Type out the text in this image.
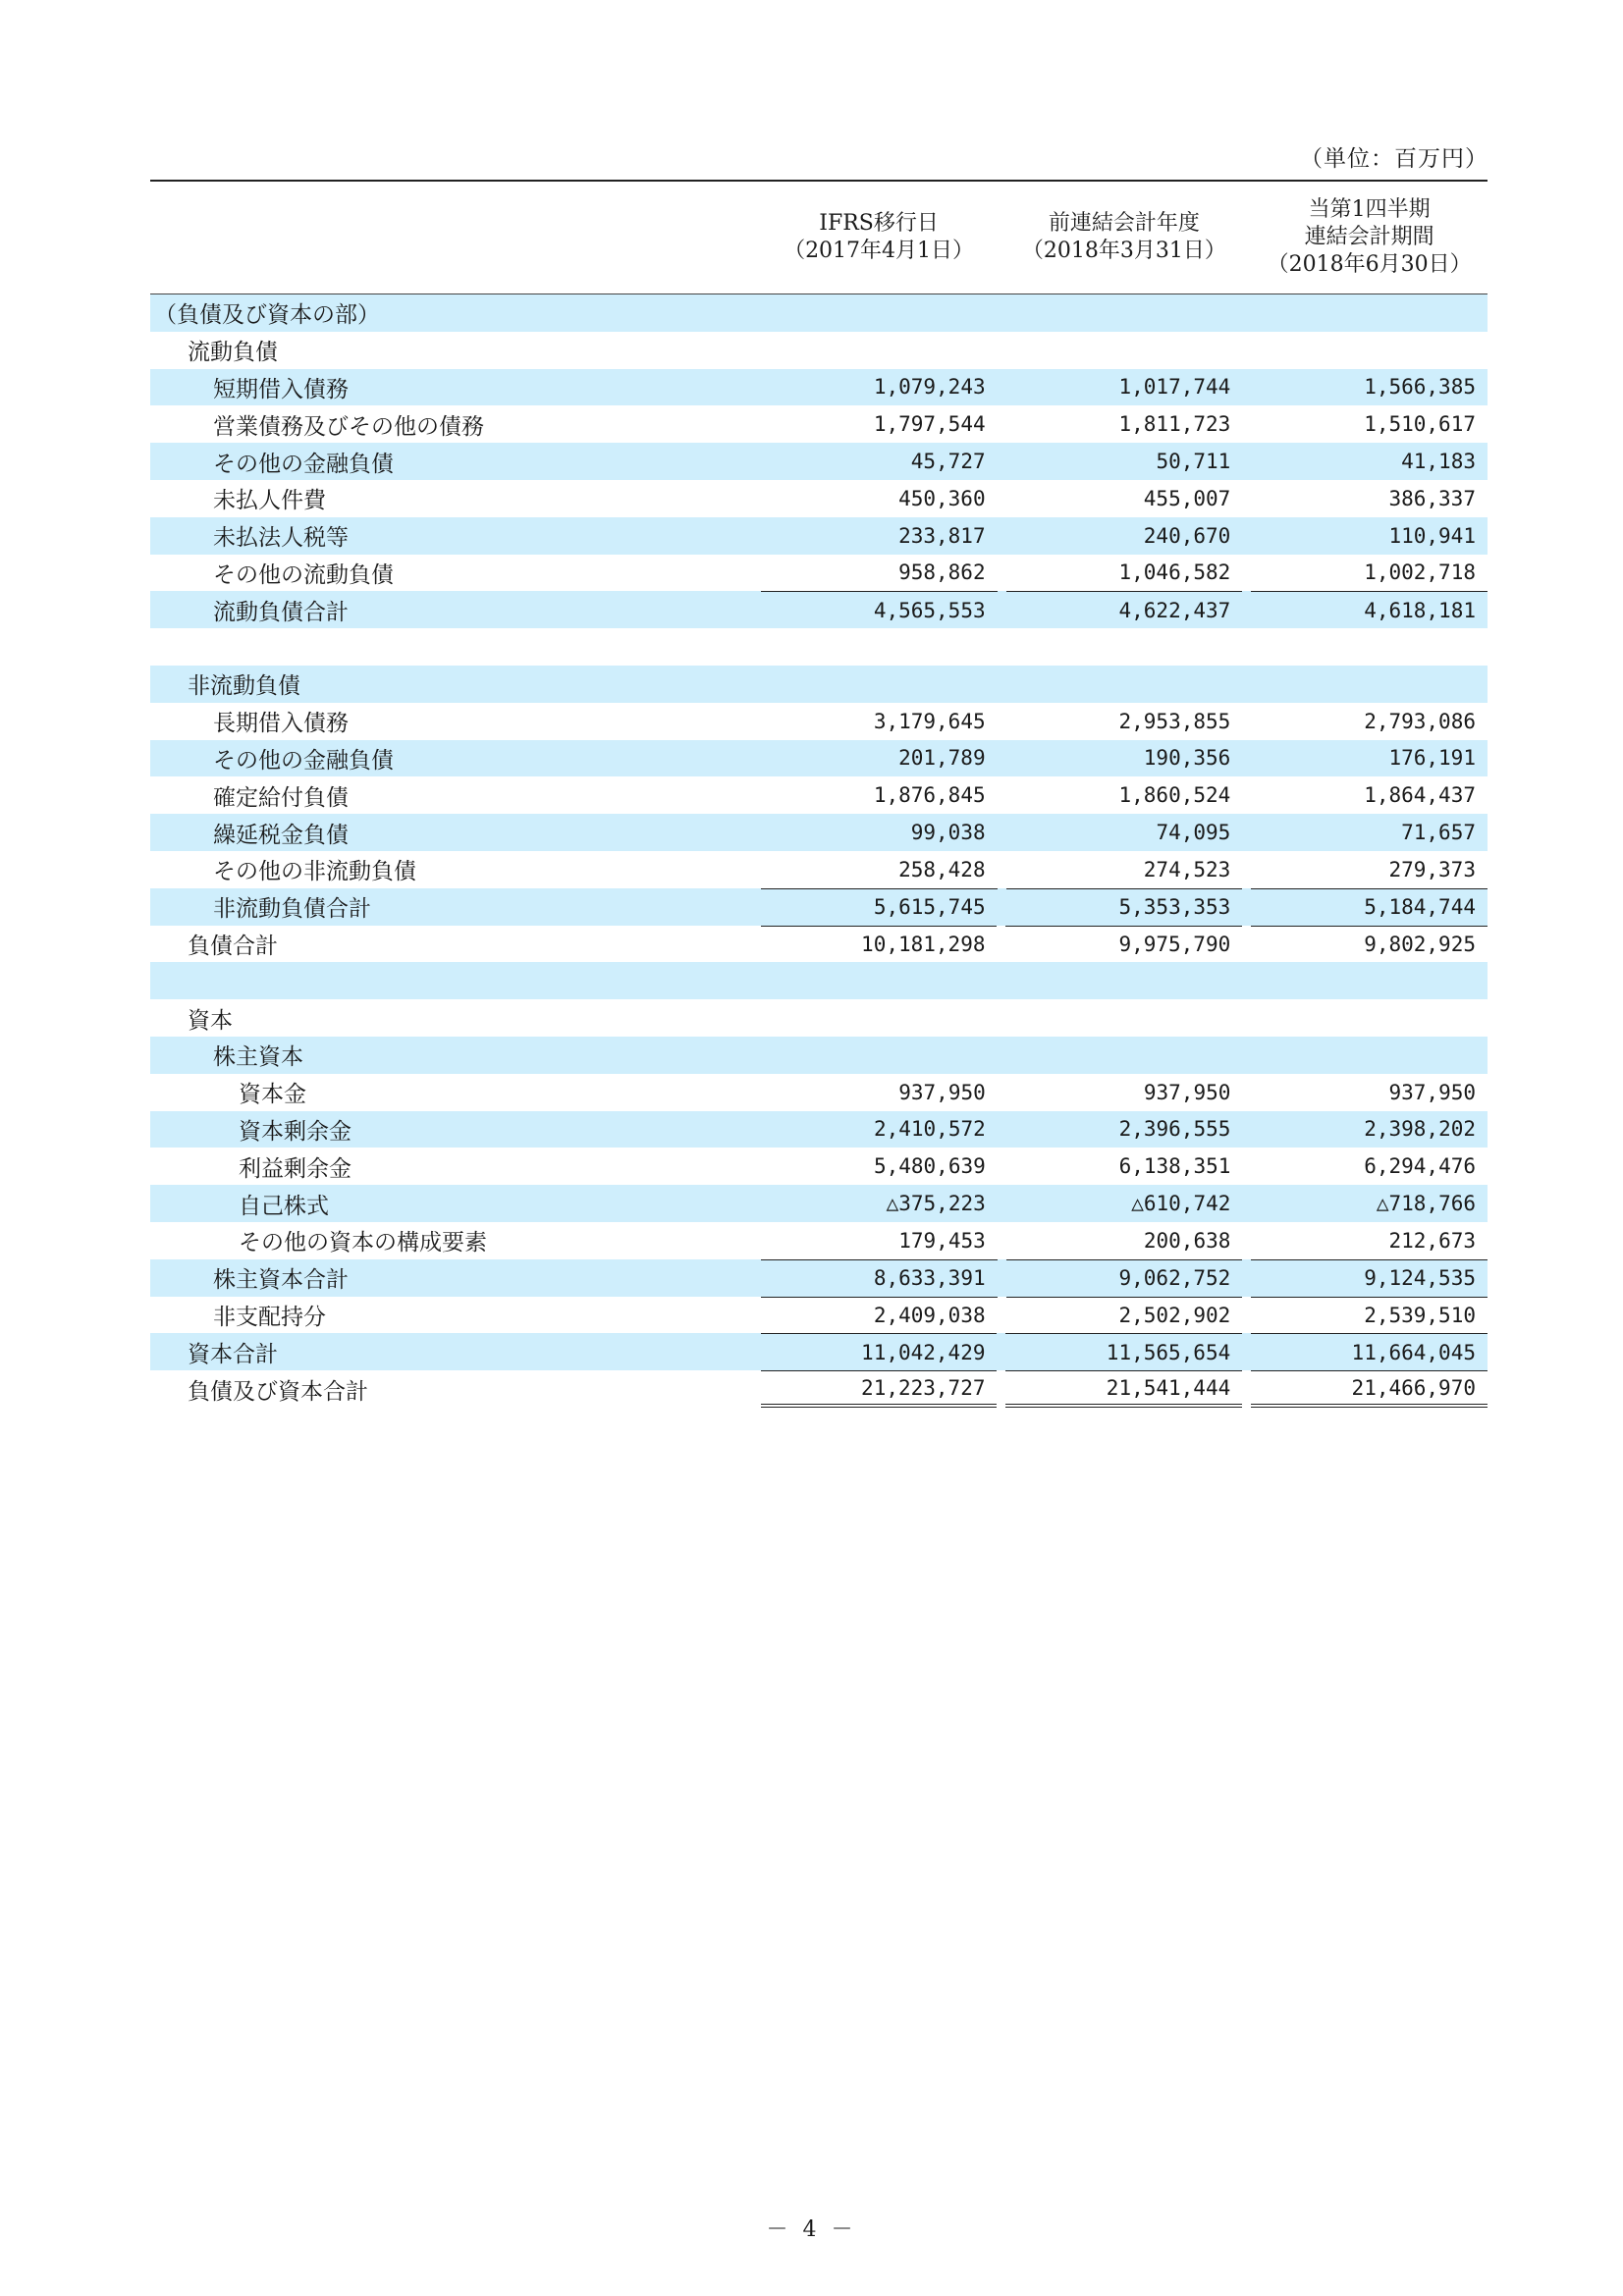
（単位：百万円）
IFRS移行日
（2017年4月1日）
前連結会計年度
（2018年3月31日）
当第1四半期
連結会計期間
（2018年6月30日）
（負債及び資本の部）
流動負債
短期借入債務	1,079,243	1,017,744	1,566,385
営業債務及びその他の債務	1,797,544	1,811,723	1,510,617
その他の金融負債	45,727	50,711	41,183
未払人件費	450,360	455,007	386,337
未払法人税等	233,817	240,670	110,941
その他の流動負債	958,862	1,046,582	1,002,718
流動負債合計	4,565,553	4,622,437	4,618,181
非流動負債
長期借入債務	3,179,645	2,953,855	2,793,086
その他の金融負債	201,789	190,356	176,191
確定給付負債	1,876,845	1,860,524	1,864,437
繰延税金負債	99,038	74,095	71,657
その他の非流動負債	258,428	274,523	279,373
非流動負債合計	5,615,745	5,353,353	5,184,744
負債合計	10,181,298	9,975,790	9,802,925
資本
株主資本
資本金	937,950	937,950	937,950
資本剰余金	2,410,572	2,396,555	2,398,202
利益剰余金	5,480,639	6,138,351	6,294,476
自己株式	△375,223	△610,742	△718,766
その他の資本の構成要素	179,453	200,638	212,673
株主資本合計	8,633,391	9,062,752	9,124,535
非支配持分	2,409,038	2,502,902	2,539,510
資本合計	11,042,429	11,565,654	11,664,045
負債及び資本合計	21,223,727	21,541,444	21,466,970
－ 4 －
